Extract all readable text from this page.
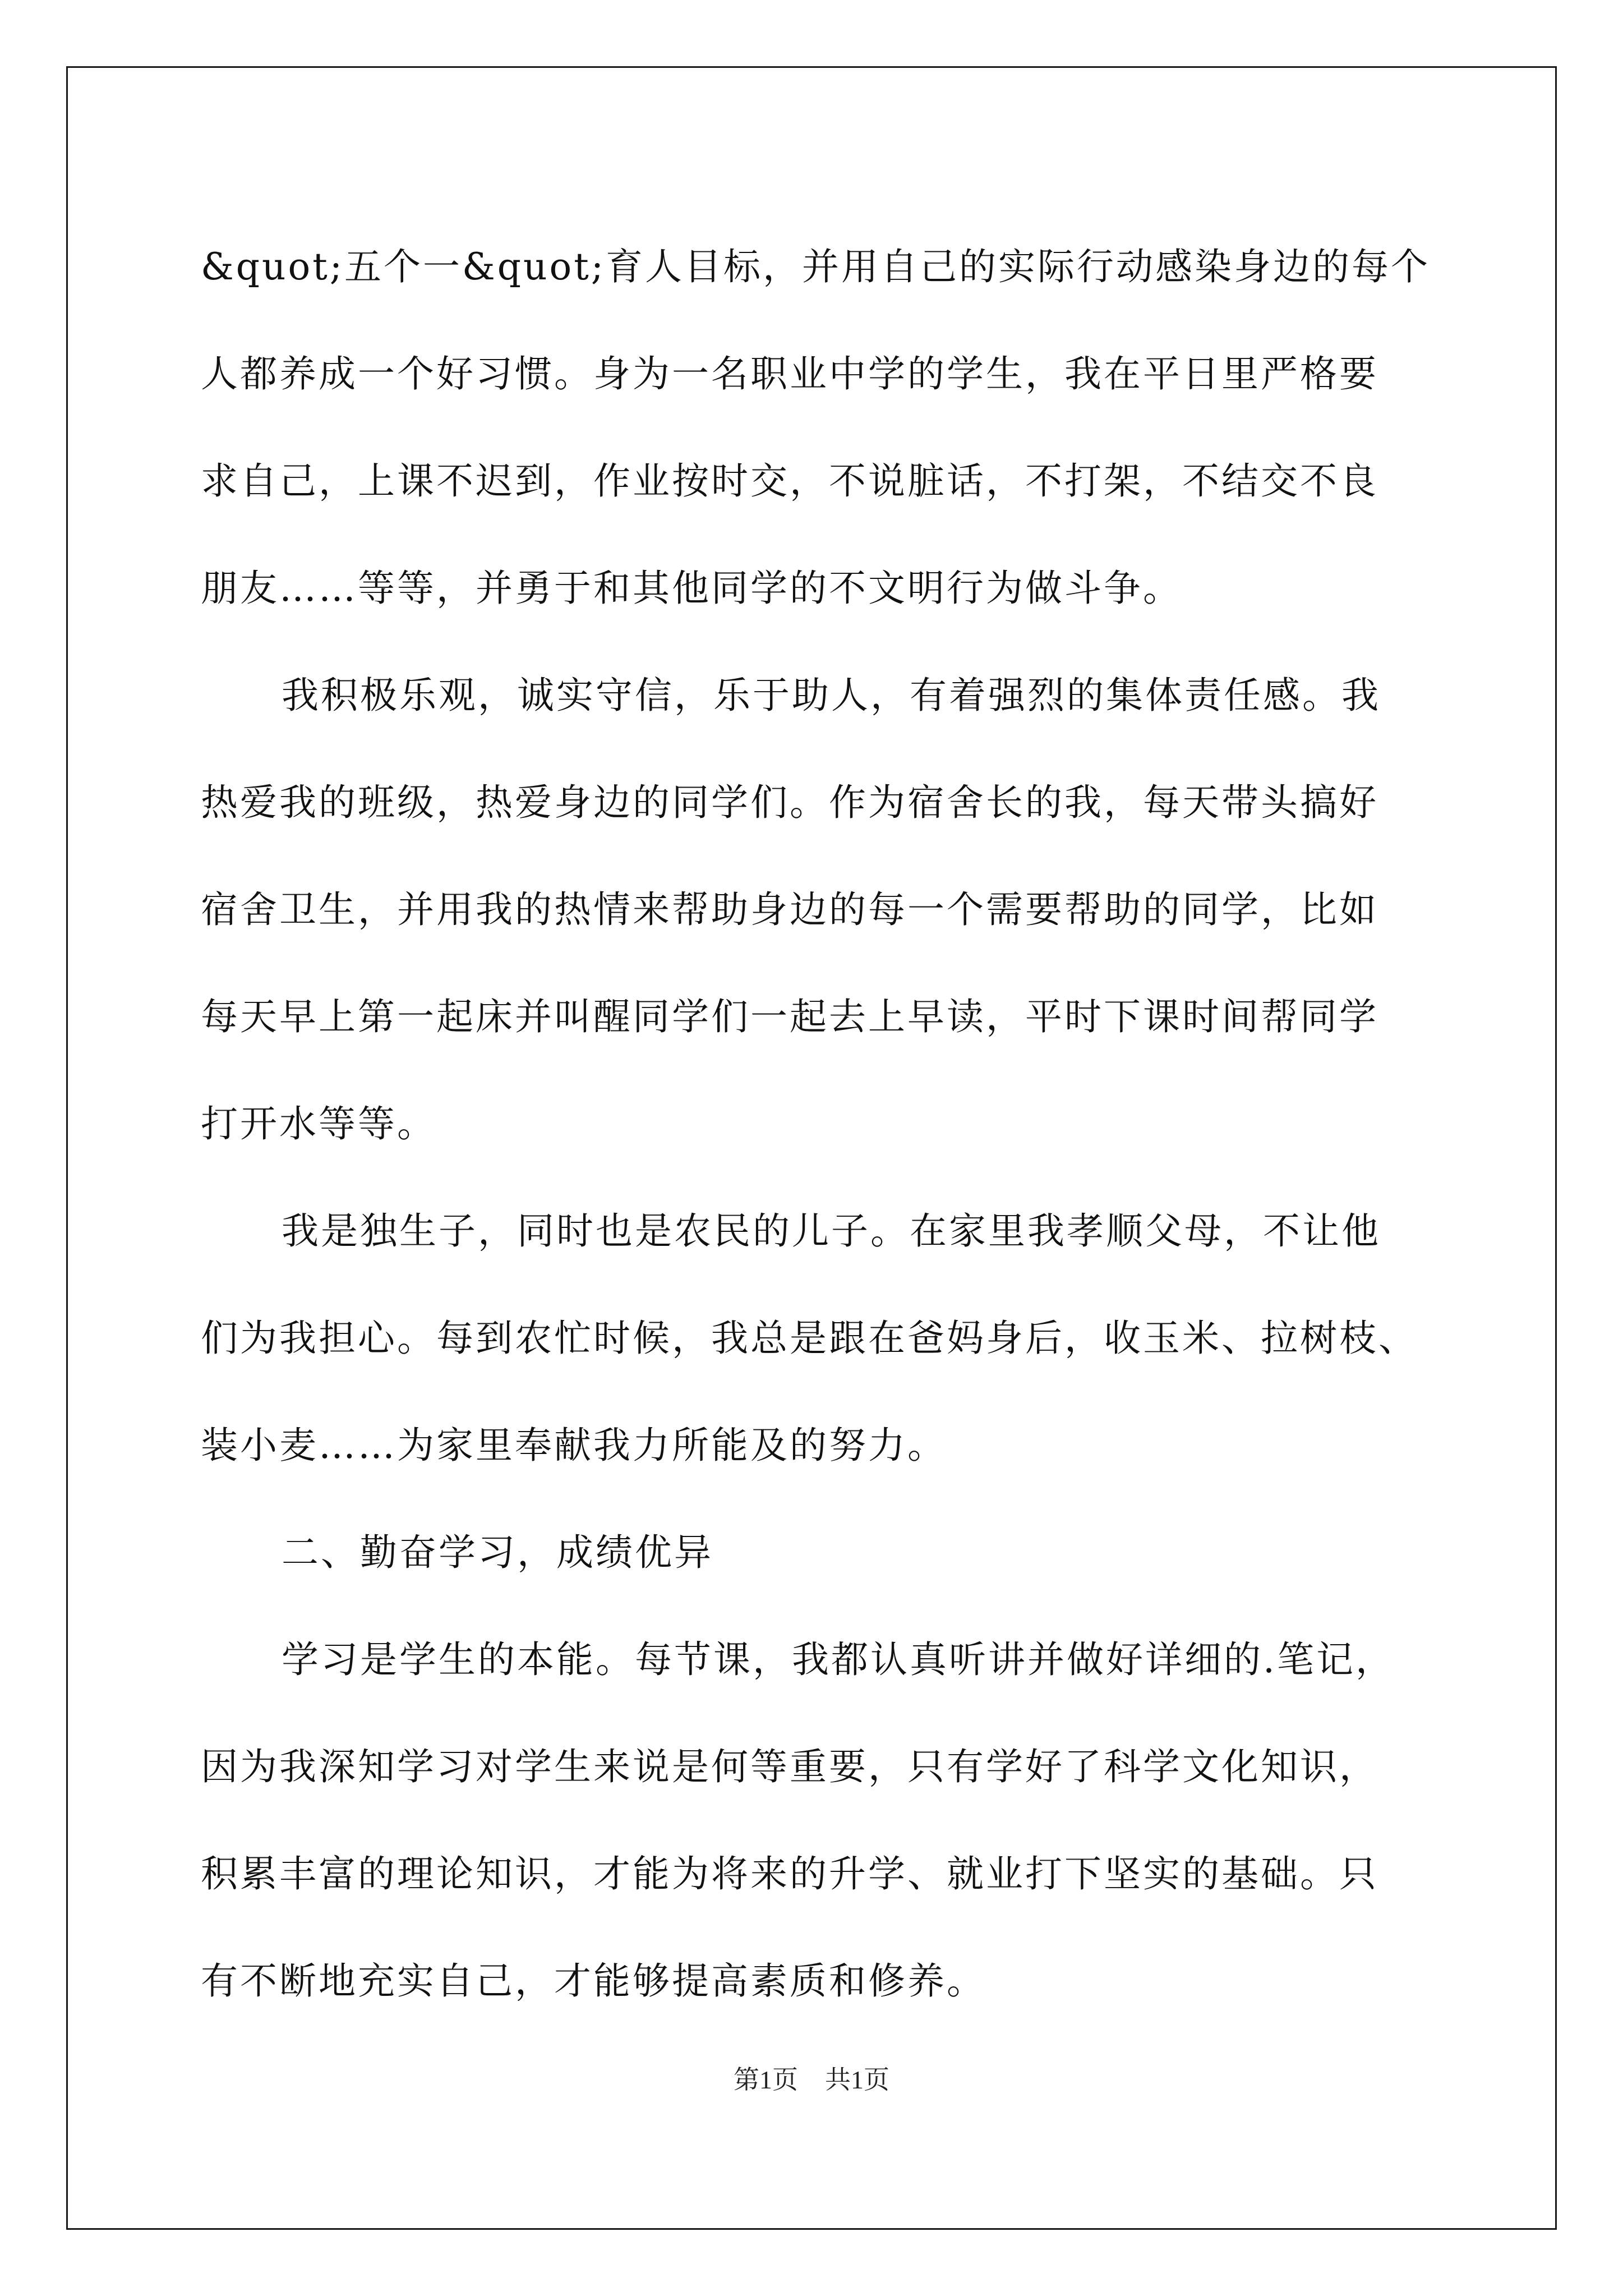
&quot;五个一&quot;育人目标，并用自己的实际行动感染身边的每个
人都养成一个好习惯。身为一名职业中学的学生，我在平日里严格要
求自己，上课不迟到，作业按时交，不说脏话，不打架，不结交不良
朋友……等等，并勇于和其他同学的不文明行为做斗争。
我积极乐观，诚实守信，乐于助人，有着强烈的集体责任感。我
热爱我的班级，热爱身边的同学们。作为宿舍长的我，每天带头搞好
宿舍卫生，并用我的热情来帮助身边的每一个需要帮助的同学，比如
每天早上第一起床并叫醒同学们一起去上早读，平时下课时间帮同学
打开水等等。
我是独生子，同时也是农民的儿子。在家里我孝顺父母，不让他
们为我担心。每到农忙时候，我总是跟在爸妈身后，收玉米、拉树枝、
装小麦……为家里奉献我力所能及的努力。
二、勤奋学习，成绩优异
学习是学生的本能。每节课，我都认真听讲并做好详细的.笔记，
因为我深知学习对学生来说是何等重要，只有学好了科学文化知识，
积累丰富的理论知识，才能为将来的升学、就业打下坚实的基础。只
有不断地充实自己，才能够提高素质和修养。
第1页 共1页
